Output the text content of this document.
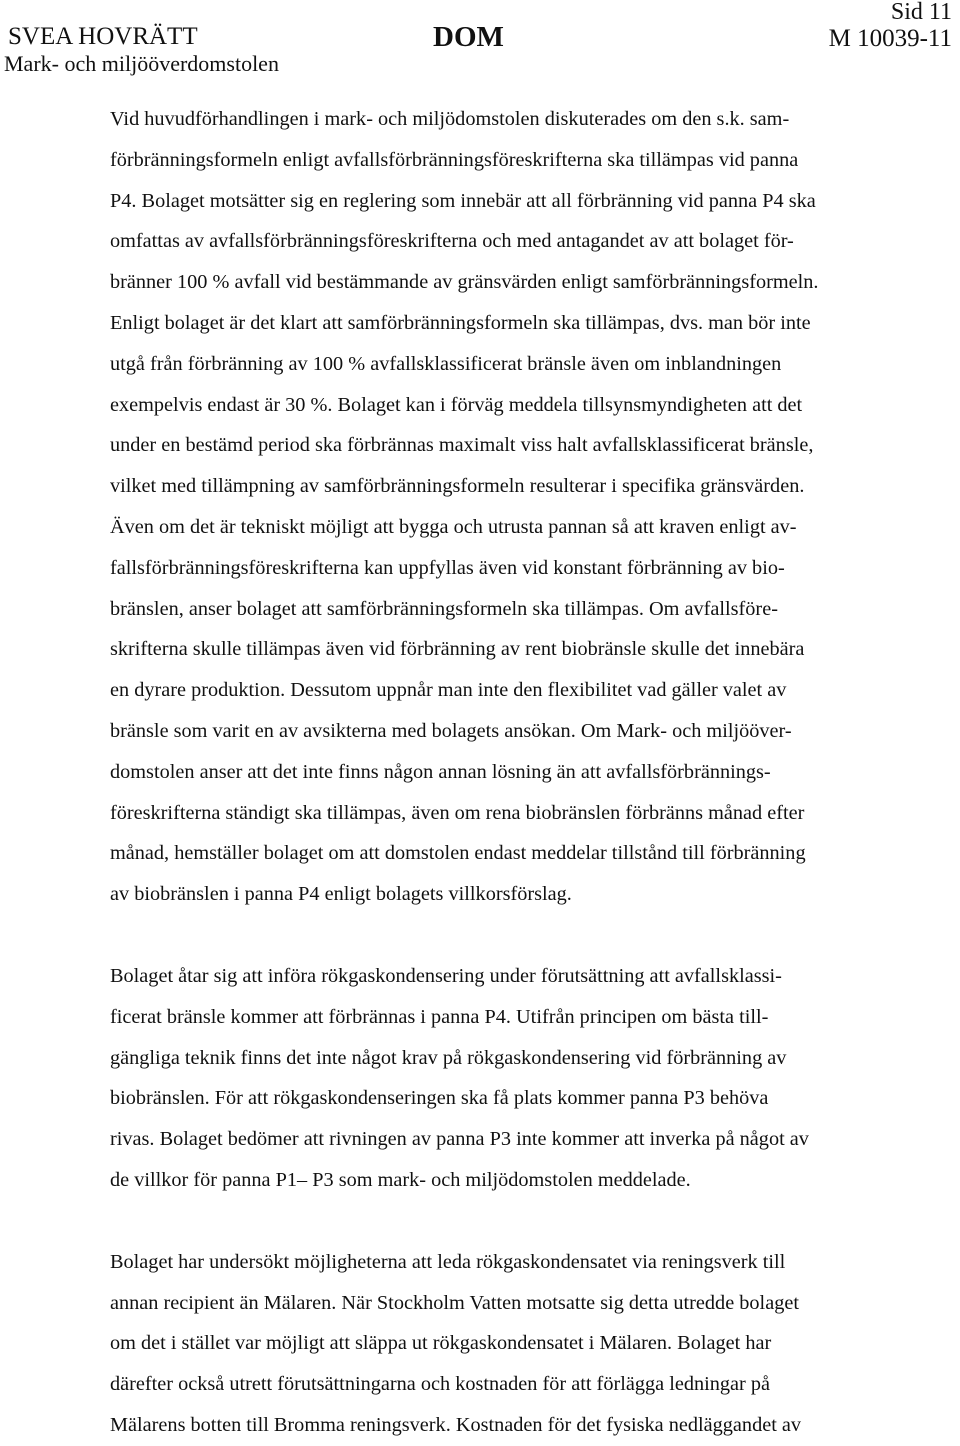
SVEA HOVRÄTT
Mark- och miljööverdomstolen
DOM
Sid 11
M 10039-11

Vid huvudförhandlingen i mark- och miljödomstolen diskuterades om den s.k. sam-
förbränningsformeln enligt avfallsförbränningsföreskrifterna ska tillämpas vid panna
P4. Bolaget motsätter sig en reglering som innebär att all förbränning vid panna P4 ska
omfattas av avfallsförbränningsföreskrifterna och med antagandet av att bolaget för-
bränner 100 % avfall vid bestämmande av gränsvärden enligt samförbränningsformeln.
Enligt bolaget är det klart att samförbränningsformeln ska tillämpas, dvs. man bör inte
utgå från förbränning av 100 % avfallsklassificerat bränsle även om inblandningen
exempelvis endast är 30 %. Bolaget kan i förväg meddela tillsynsmyndigheten att det
under en bestämd period ska förbrännas maximalt viss halt avfallsklassificerat bränsle,
vilket med tillämpning av samförbränningsformeln resulterar i specifika gränsvärden.
Även om det är tekniskt möjligt att bygga och utrusta pannan så att kraven enligt av-
fallsförbränningsföreskrifterna kan uppfyllas även vid konstant förbränning av bio-
bränslen, anser bolaget att samförbränningsformeln ska tillämpas. Om avfallsföre-
skrifterna skulle tillämpas även vid förbränning av rent biobränsle skulle det innebära
en dyrare produktion. Dessutom uppnår man inte den flexibilitet vad gäller valet av
bränsle som varit en av avsikterna med bolagets ansökan. Om Mark- och miljööver-
domstolen anser att det inte finns någon annan lösning än att avfallsförbrännings-
föreskrifterna ständigt ska tillämpas, även om rena biobränslen förbränns månad efter
månad, hemställer bolaget om att domstolen endast meddelar tillstånd till förbränning
av biobränslen i panna P4 enligt bolagets villkorsförslag.

Bolaget åtar sig att införa rökgaskondensering under förutsättning att avfallsklassi-
ficerat bränsle kommer att förbrännas i panna P4. Utifrån principen om bästa till-
gängliga teknik finns det inte något krav på rökgaskondensering vid förbränning av
biobränslen. För att rökgaskondenseringen ska få plats kommer panna P3 behöva
rivas. Bolaget bedömer att rivningen av panna P3 inte kommer att inverka på något av
de villkor för panna P1– P3 som mark- och miljödomstolen meddelade.

Bolaget har undersökt möjligheterna att leda rökgaskondensatet via reningsverk till
annan recipient än Mälaren. När Stockholm Vatten motsatte sig detta utredde bolaget
om det i stället var möjligt att släppa ut rökgaskondensatet i Mälaren. Bolaget har
därefter också utrett förutsättningarna och kostnaden för att förlägga ledningar på
Mälarens botten till Bromma reningsverk. Kostnaden för det fysiska nedläggandet av
